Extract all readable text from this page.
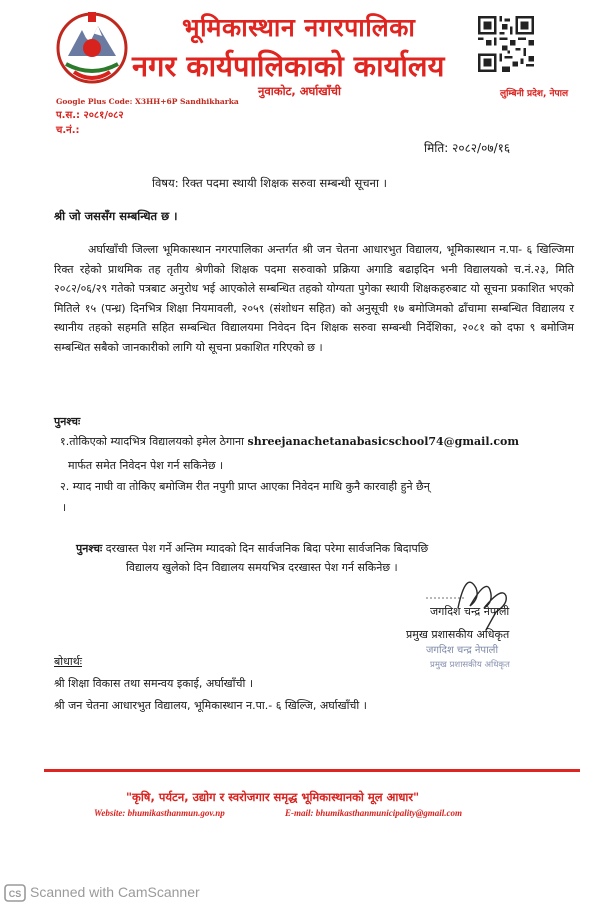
भूमिकास्थान नगरपालिका
नगर कार्यपालिकाको कार्यालय
नुवाकोट, अर्घाखाँची	लुम्बिनी प्रदेश, नेपाल
Google Plus Code: X3HH+6P Sandhikharka
प.स.: २०८१/०८२
च.नं.:
मिति: २०८२/०७/१६
विषय: रिक्त पदमा स्थायी शिक्षक सरुवा सम्बन्धी सूचना ।
श्री जो जससँग सम्बन्धित छ ।
अर्घाखाँची जिल्ला भूमिकास्थान नगरपालिका अन्तर्गत श्री जन चेतना आधारभुत विद्यालय, भूमिकास्थान न.पा- ६ खिल्जिमा रिक्त रहेको प्राथमिक तह तृतीय श्रेणीको शिक्षक पदमा सरुवाको प्रक्रिया अगाडि बढाइदिन भनी विद्यालयको च.नं.२३, मिति २०८२/०६/२९ गतेको पत्रबाट अनुरोध भई आएकोले सम्बन्धित तहको योग्यता पुगेका स्थायी शिक्षकहरुबाट यो सूचना प्रकाशित भएको मितिले १५ (पन्ध्र) दिनभित्र शिक्षा नियमावली, २०५९ (संशोधन सहित) को अनुसूची १७ बमोजिमको ढाँचामा सम्बन्धित विद्यालय र स्थानीय तहको सहमति सहित सम्बन्धित विद्यालयमा निवेदन दिन शिक्षक सरुवा सम्बन्धी निर्देशिका, २०८१ को दफा ९ बमोजिम सम्बन्धित सबैको जानकारीको लागि यो सूचना प्रकाशित गरिएको छ ।
पुनश्चः
१.तोकिएको म्यादभित्र विद्यालयको इमेल ठेगाना shreejanachetanabasicschool74@gmail.com
मार्फत समेत निवेदन पेश गर्न सकिनेछ ।
२. म्याद नाघी वा तोकिए बमोजिम रीत नपुगी प्राप्त आएका निवेदन माथि कुनै कारवाही हुने छैन्
।
पुनश्चः दरखास्त पेश गर्ने अन्तिम म्यादको दिन सार्वजनिक बिदा परेमा सार्वजनिक बिदापछि
विद्यालय खुलेको दिन विद्यालय समयभित्र दरखास्त पेश गर्न सकिनेछ ।
जगदिश चन्द्र नेपाली
प्रमुख प्रशासकीय अधिकृत
जगदिश चन्द्र नेपाली
प्रमुख प्रशासकीय अधिकृत
बोधार्थः
श्री शिक्षा विकास तथा समन्वय इकाई, अर्घाखाँची ।
श्री जन चेतना आधारभुत विद्यालय, भूमिकास्थान न.पा.- ६ खिल्जि, अर्घाखाँची ।
"कृषि, पर्यटन, उद्योग र स्वरोजगार समृद्ध भूमिकास्थानको मूल आधार"
Website: bhumikasthanmun.gov.np	E-mail: bhumikasthanmunicipality@gmail.com
CS Scanned with CamScanner
